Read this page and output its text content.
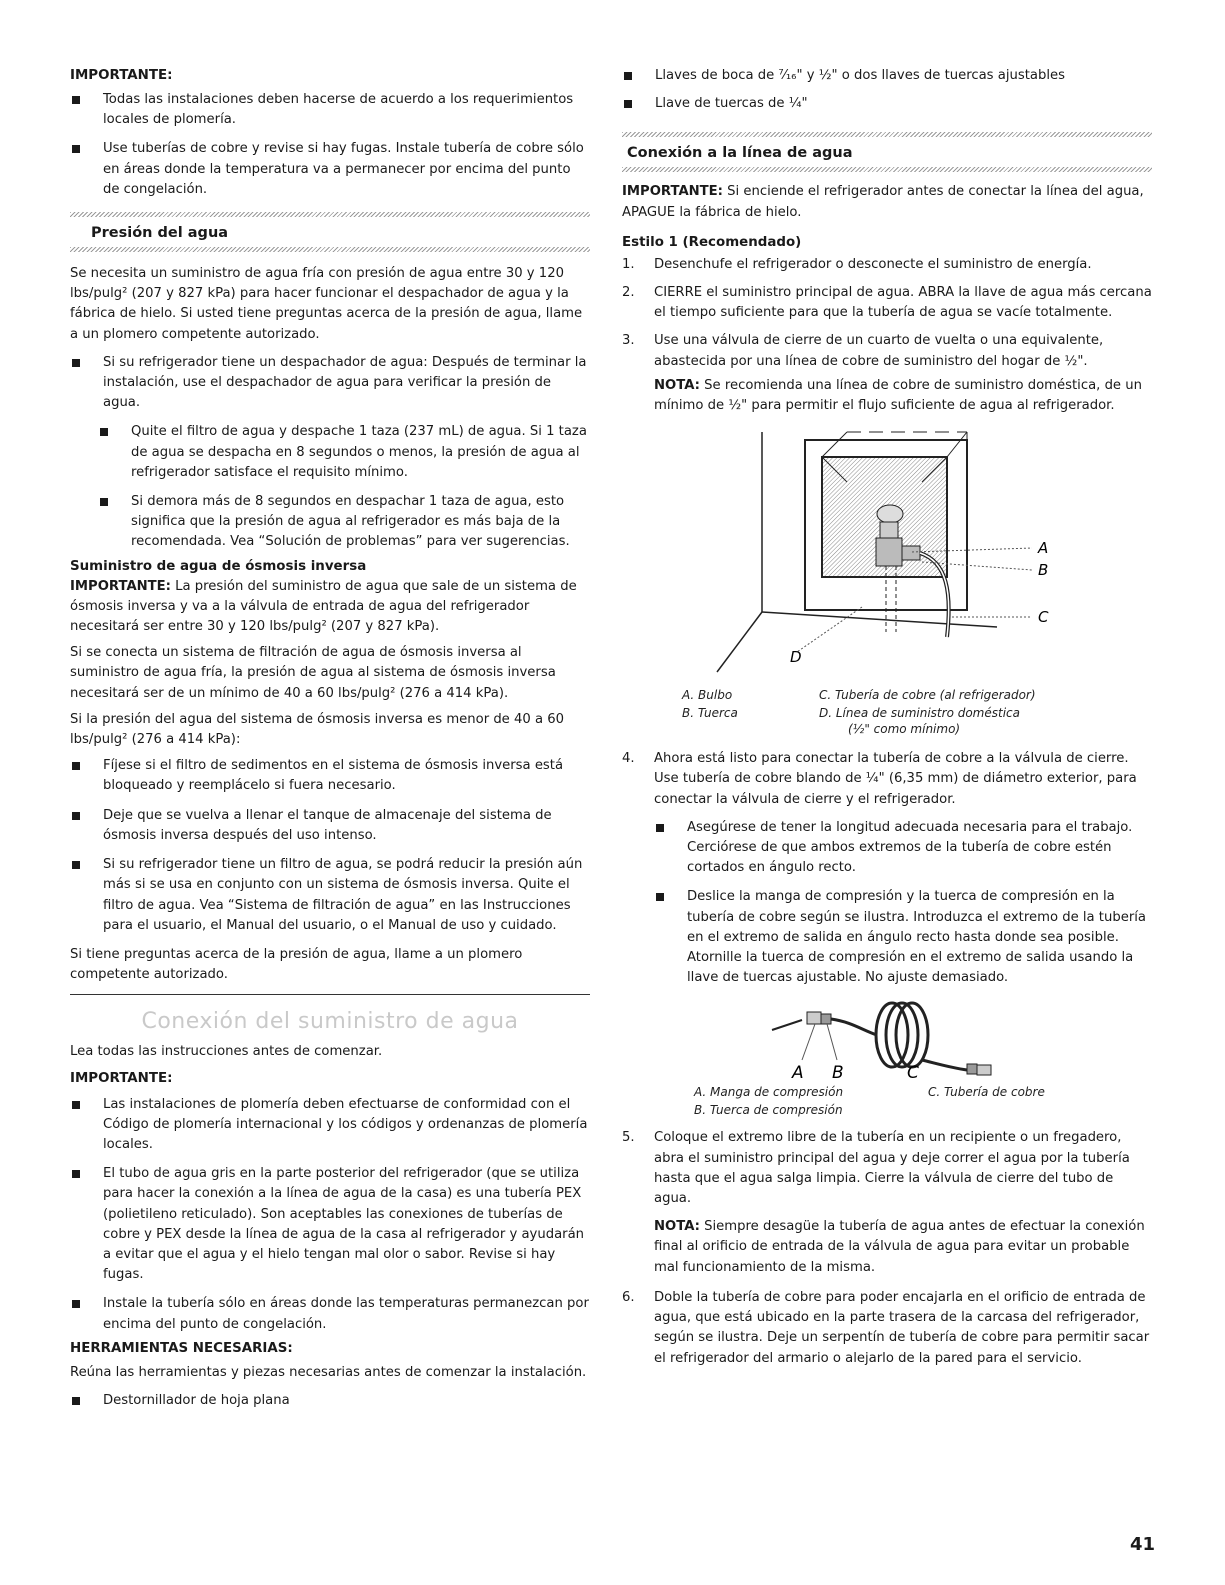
IMPORTANTE:

Todas las instalaciones deben hacerse de acuerdo a los requerimientos locales de plomería.

Use tuberías de cobre y revise si hay fugas. Instale tubería de cobre sólo en áreas donde la temperatura va a permanecer por encima del punto de congelación.

Presión del agua

Se necesita un suministro de agua fría con presión de agua entre 30 y 120 lbs/pulg² (207 y 827 kPa) para hacer funcionar el despachador de agua y la fábrica de hielo. Si usted tiene preguntas acerca de la presión de agua, llame a un plomero competente autorizado.

Si su refrigerador tiene un despachador de agua: Después de terminar la instalación, use el despachador de agua para verificar la presión de agua.

Quite el filtro de agua y despache 1 taza (237 mL) de agua. Si 1 taza de agua se despacha en 8 segundos o menos, la presión de agua al refrigerador satisface el requisito mínimo.

Si demora más de 8 segundos en despachar 1 taza de agua, esto significa que la presión de agua al refrigerador es más baja de la recomendada. Vea “Solución de problemas” para ver sugerencias.

Suministro de agua de ósmosis inversa

IMPORTANTE: La presión del suministro de agua que sale de un sistema de ósmosis inversa y va a la válvula de entrada de agua del refrigerador necesitará ser entre 30 y 120 lbs/pulg² (207 y 827 kPa).

Si se conecta un sistema de filtración de agua de ósmosis inversa al suministro de agua fría, la presión de agua al sistema de ósmosis inversa necesitará ser de un mínimo de 40 a 60 lbs/pulg² (276 a 414 kPa).

Si la presión del agua del sistema de ósmosis inversa es menor de 40 a 60 lbs/pulg² (276 a 414 kPa):

Fíjese si el filtro de sedimentos en el sistema de ósmosis inversa está bloqueado y reemplácelo si fuera necesario.

Deje que se vuelva a llenar el tanque de almacenaje del sistema de ósmosis inversa después del uso intenso.

Si su refrigerador tiene un filtro de agua, se podrá reducir la presión aún más si se usa en conjunto con un sistema de ósmosis inversa. Quite el filtro de agua. Vea “Sistema de filtración de agua” en las Instrucciones para el usuario, el Manual del usuario, o el Manual de uso y cuidado.

Si tiene preguntas acerca de la presión de agua, llame a un plomero competente autorizado.

Conexión del suministro de agua

Lea todas las instrucciones antes de comenzar.

IMPORTANTE:

Las instalaciones de plomería deben efectuarse de conformidad con el Código de plomería internacional y los códigos y ordenanzas de plomería locales.

El tubo de agua gris en la parte posterior del refrigerador (que se utiliza para hacer la conexión a la línea de agua de la casa) es una tubería PEX (polietileno reticulado). Son aceptables las conexiones de tuberías de cobre y PEX desde la línea de agua de la casa al refrigerador y ayudarán a evitar que el agua y el hielo tengan mal olor o sabor. Revise si hay fugas.

Instale la tubería sólo en áreas donde las temperaturas permanezcan por encima del punto de congelación.

HERRAMIENTAS NECESARIAS:

Reúna las herramientas y piezas necesarias antes de comenzar la instalación.

Destornillador de hoja plana

Llaves de boca de ⁷⁄₁₆" y ½" o dos llaves de tuercas ajustables

Llave de tuercas de ¼"

Conexión a la línea de agua

IMPORTANTE: Si enciende el refrigerador antes de conectar la línea del agua, APAGUE la fábrica de hielo.

Estilo 1 (Recomendado)

1. Desenchufe el refrigerador o desconecte el suministro de energía.
2. CIERRE el suministro principal de agua. ABRA la llave de agua más cercana el tiempo suficiente para que la tubería de agua se vacíe totalmente.
3. Use una válvula de cierre de un cuarto de vuelta o una equivalente, abastecida por una línea de cobre de suministro del hogar de ½".

NOTA: Se recomienda una línea de cobre de suministro doméstica, de un mínimo de ½" para permitir el flujo suficiente de agua al refrigerador.

A
B
C
D
A. Bulbo
B. Tuerca
C. Tubería de cobre (al refrigerador)
D. Línea de suministro doméstica
(½" como mínimo)
4. Ahora está listo para conectar la tubería de cobre a la válvula de cierre. Use tubería de cobre blando de ¼" (6,35 mm) de diámetro exterior, para conectar la válvula de cierre y el refrigerador.

Asegúrese de tener la longitud adecuada necesaria para el trabajo. Cerciórese de que ambos extremos de la tubería de cobre estén cortados en ángulo recto.

Deslice la manga de compresión y la tuerca de compresión en la tubería de cobre según se ilustra. Introduzca el extremo de la tubería en el extremo de salida en ángulo recto hasta donde sea posible. Atornille la tuerca de compresión en el extremo de salida usando la llave de tuercas ajustable. No ajuste demasiado.

A B	C
A. Manga de compresión
B. Tuerca de compresión
C. Tubería de cobre
5. Coloque el extremo libre de la tubería en un recipiente o un fregadero, abra el suministro principal del agua y deje correr el agua por la tubería hasta que el agua salga limpia. Cierre la válvula de cierre del tubo de agua.

NOTA: Siempre desagüe la tubería de agua antes de efectuar la conexión final al orificio de entrada de la válvula de agua para evitar un probable mal funcionamiento de la misma.

6. Doble la tubería de cobre para poder encajarla en el orificio de entrada de agua, que está ubicado en la parte trasera de la carcasa del refrigerador, según se ilustra. Deje un serpentín de tubería de cobre para permitir sacar el refrigerador del armario o alejarlo de la pared para el servicio.
41
